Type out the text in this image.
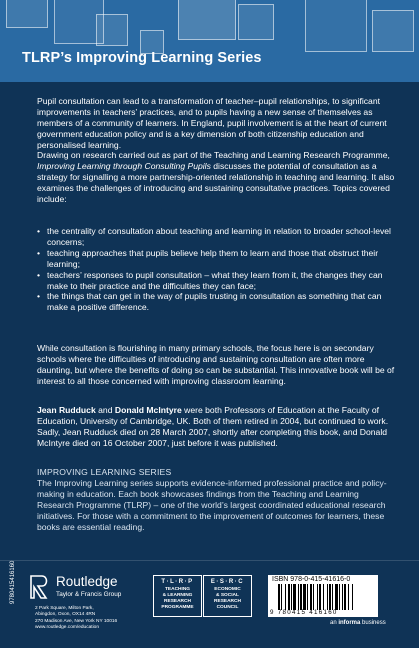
TLRP’s Improving Learning Series
Pupil consultation can lead to a transformation of teacher–pupil relationships, to significant improvements in teachers’ practices, and to pupils having a new sense of themselves as members of a community of learners. In England, pupil involvement is at the heart of current government education policy and is a key dimension of both citizenship education and personalised learning.
Drawing on research carried out as part of the Teaching and Learning Research Programme, Improving Learning through Consulting Pupils discusses the potential of consultation as a strategy for signalling a more partnership-oriented relationship in teaching and learning. It also examines the challenges of introducing and sustaining consultative practices. Topics covered include:
• the centrality of consultation about teaching and learning in relation to broader school-level concerns;
• teaching approaches that pupils believe help them to learn and those that obstruct their learning;
• teachers’ responses to pupil consultation – what they learn from it, the changes they can make to their practice and the difficulties they can face;
• the things that can get in the way of pupils trusting in consultation as something that can make a positive difference.
While consultation is flourishing in many primary schools, the focus here is on secondary schools where the difficulties of introducing and sustaining consultation are often more daunting, but where the benefits of doing so can be substantial. This innovative book will be of interest to all those concerned with improving classroom learning.
Jean Rudduck and Donald McIntyre were both Professors of Education at the Faculty of Education, University of Cambridge, UK. Both of them retired in 2004, but continued to work. Sadly, Jean Rudduck died on 28 March 2007, shortly after completing this book, and Donald McIntyre died on 16 October 2007, just before it was published.
IMPROVING LEARNING SERIES
The Improving Learning series supports evidence-informed professional practice and policy-making in education. Each book showcases findings from the Teaching and Learning Research Programme (TLRP) – one of the world’s largest coordinated educational research initiatives. For those with a commitment to the improvement of outcomes for learners, these books are essential reading.
9780415416160	Routledge
Taylor & Francis Group
2 Park Square, Milton Park,
Abingdon, Oxon, OX14 4RN
270 Madison Ave, New York NY 10016
www.routledge.com/education
T·L·R·P
TEACHING
& LEARNING
RESEARCH
PROGRAMME
E·S·R·C
ECONOMIC
& SOCIAL
RESEARCH
COUNCIL
ISBN 978-0-415-41616-0
9 780415 416160
an informa business
